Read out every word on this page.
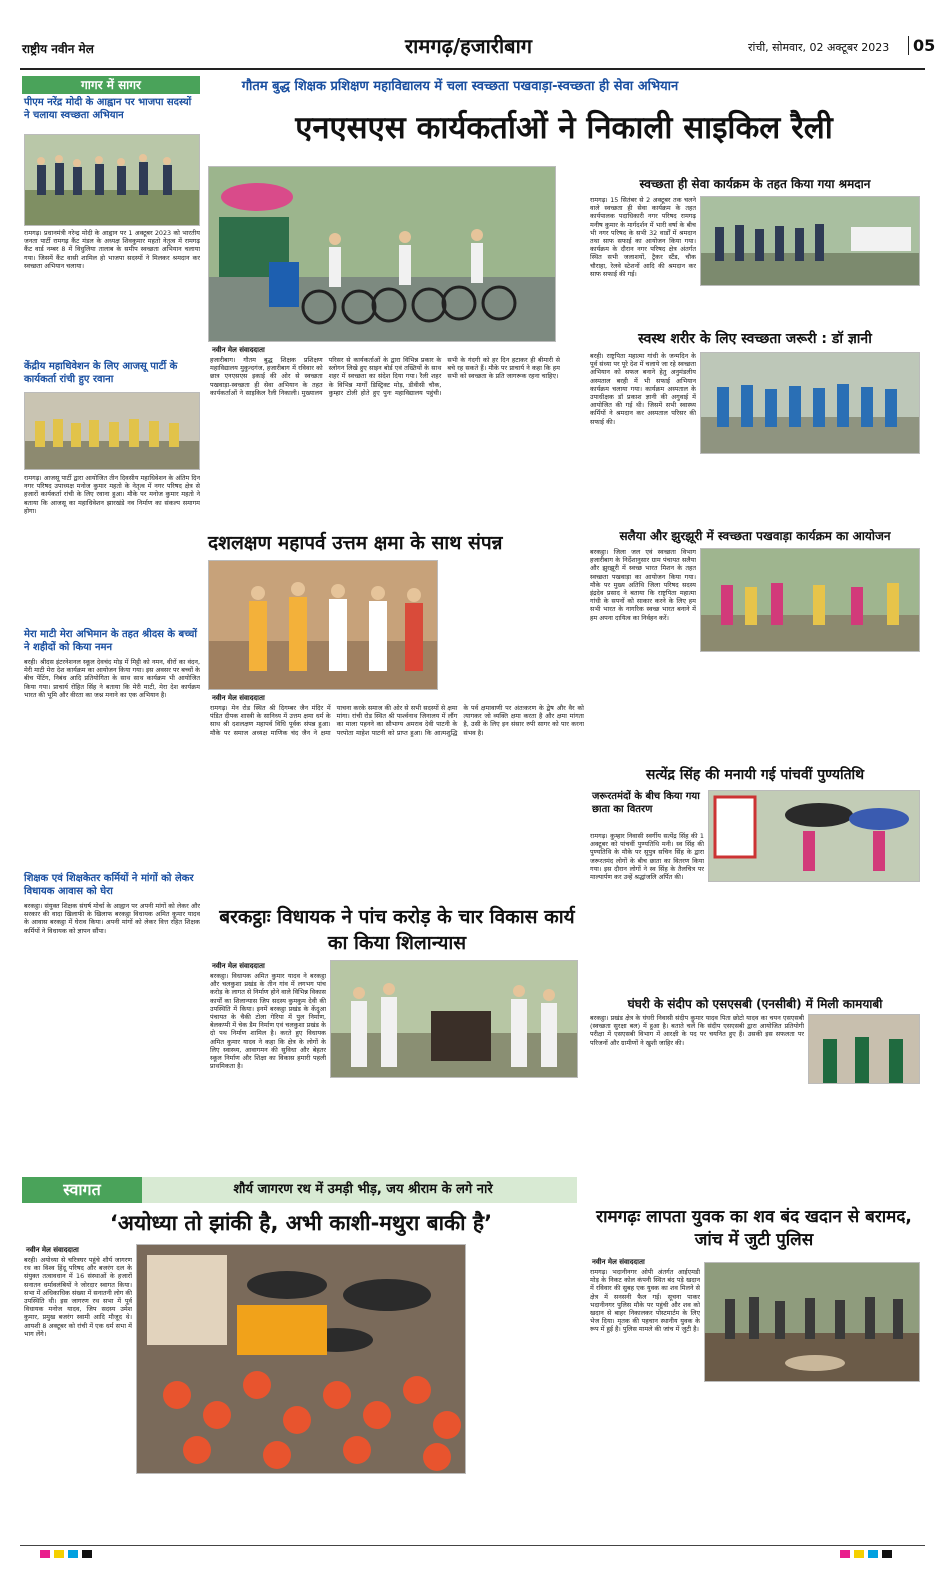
राष्ट्रीय नवीन मेल	रामगढ़/हजारीबाग	रांची, सोमवार, 02 अक्टूबर 2023	05
गागर में सागर
पीएम नरेंद्र मोदी के आह्वान पर भाजपा सदस्यों ने चलाया स्वच्छता अभियान
रामगढ़। प्रधानमंत्री नरेन्द्र मोदी के आह्वान पर 1 अक्टूबर 2023 को भारतीय जनता पार्टी रामगढ़ कैंट मंडल के अध्यक्ष शिवकुमार महतो नेतृत्व में रामगढ़ कैंट वार्ड नम्बर 8 में विधुलिया तालाब के समीप स्वच्छता अभियान चलाया गया। जिसमें कैंट वासी शामिल हो भाजपा सदस्यों ने मिलकर श्रमदान कर स्वच्छता अभियान चलाया।
केंद्रीय महाधिवेशन के लिए आजसू पार्टी के कार्यकर्ता रांची हुए रवाना
रामगढ़। आजसू पार्टी द्वारा आयोजित तीन दिवसीय महाधिवेशन के अंतिम दिन नगर परिषद उपाध्यक्ष मनोज कुमार महतो के नेतृत्व में नगर परिषद क्षेत्र से हजारों कार्यकर्ता रांची के लिए रवाना हुआ। मौके पर मनोज कुमार महतो ने बताया कि आजसू का महाधिवेशन झारखंडे नव निर्माण का संकल्प समागम होगा।
मेरा माटी मेरा अभिमान के तहत श्रीदस के बच्चों ने शहीदों को किया नमन
बरही। श्रीदस इंटरनेशनल स्कूल देवचंद मोड़ में मिट्टी को नमन, वीरों का वंदन, मेरी माटी मेरा देश कार्यक्रम का आयोजन किया गया। इस अवसर पर बच्चों के बीच पेंटिंग, निबंध आदि प्रतियोगिता के साथ साथ कार्यक्रम भी आयोजित किया गया। प्राचार्य रोहित सिंह ने बताया कि मेरी माटी, मेरा देश कार्यक्रम भारत की भूमि और वीरता का जश्न मनाने का एक अभियान है।
शिक्षक एवं शिक्षकेतर कर्मियों ने मांगों को लेकर विधायक आवास को घेरा
बरकट्ठा। संयुक्त शिक्षक संघर्ष मोर्चा के आह्वान पर अपनी मांगों को लेकर और सरकार की वादा खिलाफी के खिलाफ बरकट्ठा विधायक अमित कुमार यादव के आवास बरकट्ठा में घेराव किया। अपनी मांगों को लेकर वित्त रहित शिक्षक कर्मियों ने विधायक को ज्ञापन सौंपा।
गौतम बुद्ध शिक्षक प्रशिक्षण महाविद्यालय में चला स्वच्छता पखवाड़ा-स्वच्छता ही सेवा अभियान
एनएसएस कार्यकर्ताओं ने निकाली साइकिल रैली
नवीन मेल संवाददाता
हजारीबाग। गौतम बुद्ध शिक्षक प्रशिक्षण महाविद्यालय मुकुन्दगंज, हजारीबाग में रविवार को छात्र एनएसएस इकाई की ओर से स्वच्छता पखवाड़ा-स्वच्छता ही सेवा अभियान के तहत कार्यकर्ताओं ने साइकिल रैली निकाली। मुख्यालय परिसर से कार्यकर्ताओं के द्वारा विभिन्न प्रकार के स्लोगन लिखे हुए साइन बोर्ड एवं तख्तियों के साथ शहर में स्वच्छता का संदेश दिया गया। रैली शहर के विभिन्न मार्गों डिस्ट्रिक्ट मोड़, डीवीसी चौक, कुम्हार टोली होते हुए पुनः महाविद्यालय पहुंची। सभी के गंदगी को हर दिन हटाकर ही बीमारी से बचे रह सकते हैं। मौके पर प्राचार्य ने कहा कि हम सभी को स्वच्छता के प्रति जागरूक रहना चाहिए।
दशलक्षण महापर्व उत्तम क्षमा के साथ संपन्न
नवीन मेल संवाददाता
रामगढ़। मेन रोड स्थित श्री दिगम्बर जैन मंदिर में पंडित दीपक शास्त्री के सानिध्य में उत्तम क्षमा धर्म के साथ श्री दशलक्षण महापर्व विधि पूर्वक संपन्न हुआ। मौके पर समाज अध्यक्ष माणिक चंद जैन ने क्षमा याचना करके समाज की ओर से सभी सदस्यों से क्षमा मांगा। रांची रोड स्थित श्री पार्श्वनाथ जिनालय में लौंग का माला पहनने का सौभाग्य अमराव देवी पाटनी के परपोता माहेश पाटनी को प्राप्त हुआ। कि आत्मशुद्धि के पर्व क्षमावाणी पर अंतःकरण के द्वेष और वैर को त्यागकर जो व्यक्ति क्षमा करता है और क्षमा मांगता है, उसी के लिए इन संसार रुपी सागर को पार करना संभव है।
बरकट्ठाः विधायक ने पांच करोड़ के चार विकास कार्य का किया शिलान्यास
नवीन मेल संवाददाता
बरकट्ठा। विधायक अमित कुमार यादव ने बरकट्ठा और चलकुशा प्रखंड के तीन गांव में लगभग पांच करोड़ के लागत से निर्माण होने वाले विभिन्न विकास कार्यों का शिलान्यास जिप सदस्य कुमकुम देवी की उपस्थिति में किया। इनमें बरकट्ठा प्रखंड के केंदुआ पंचायत के चैकी टोला गेरिया में पुल निर्माण, बेलकप्पी में चेक डैम निर्माण एवं चलकुशा प्रखंड के दो पथ निर्माण शामिल है। करते हुए विधायक अमित कुमार यादव ने कहा कि क्षेत्र के लोगों के लिए स्वास्थ्य, आवागमन की सुविधा और बेहतर स्कूल निर्माण और शिक्षा का विकास हमारी पहली प्राथमिकता है।
स्वच्छता ही सेवा कार्यक्रम के तहत किया गया श्रमदान
रामगढ़। 15 सितंबर से 2 अक्टूबर तक चलने वाले स्वच्छता ही सेवा कार्यक्रम के तहत कार्यपालक पदाधिकारी नगर परिषद रामगढ़ मनीष कुमार के मार्गदर्शन में भारी वर्षा के बीच भी नगर परिषद के सभी 32 वार्डों में श्रमदान तथा साफ सफाई का आयोजन किया गया। कार्यक्रम के दौरान नगर परिषद क्षेत्र अंतर्गत स्थित सभी जलाशयों, ट्रैकर स्टैंड, चौक चौराहा, रेलवे स्टेशनों आदि की श्रमदान कर साफ सफाई की गई।
स्वस्थ शरीर के लिए स्वच्छता जरूरी : डॉ ज्ञानी
बरही। राष्ट्रपिता महात्मा गांधी के जन्मदिन के पूर्व संध्या पर पूरे देश में चलाये जा रहे स्वच्छता अभियान को सफल बनाने हेतु अनुमंडलीय अस्पताल बरही में भी सफाई अभियान कार्यक्रम चलाया गया। कार्यक्रम अस्पताल के उपाधीक्षक डॉ प्रकाश ज्ञानी की अगुवाई में आयोजित की गई थी। जिसमें सभी स्वास्थ्य कर्मियों ने श्रमदान कर अस्पताल परिसर की सफाई की।
सलैया और झुरझूरी में स्वच्छता पखवाड़ा कार्यक्रम का आयोजन
बरकट्ठा। जिला जल एवं स्वच्छता विभाग हजारीबाग के निर्देशानुसार ग्राम पंचायत सलैया और झुरझूरी में स्वच्छ भारत मिशन के तहत स्वच्छता पखवाड़ा का आयोजन किया गया। मौके पर मुख्य अतिथि जिला परिषद सदस्य इंद्रदेव प्रसाद ने बताया कि राष्ट्रपिता महात्मा गांधी के सपनों को साकार करने के लिए हम सभी भारत के नागरिक स्वच्छ भारत बनाने में हम अपना दायित्व का निर्वहन करें।
सत्येंद्र सिंह की मनायी गई पांचवीं पुण्यतिथि
जरूरतमंदों के बीच किया गया छाता का वितरण
रामगढ़। कुम्हार निवासी स्वर्गीय सत्येंद्र सिंह की 1 अक्टूबर को पांचवीं पुण्यतिथि मनी। स्व सिंह की पुण्यतिथि के मौके पर सुपुत्र सचिन सिंह के द्वारा जरूरतमंद लोगों के बीच छाता का वितरण किया गया। इस दौरान लोगों ने स्व सिंह के तैलचित्र पर माल्यार्पण कर उन्हें श्रद्धांजलि अर्पित की।
घंघरी के संदीप को एसएसबी (एनसीबी) में मिली कामयाबी
बरकट्ठा। प्रखंड क्षेत्र के घंघरी निवासी संदीप कुमार यादव पिता छोटो यादव का चयन एसएसबी (स्वच्छता सुरक्षा बल) में हुआ है। बताते चलें कि संदीप एसएसबी द्वारा आयोजित प्रतियोगी परीक्षा में एसएसबी विभाग में आरक्षी के पद पर चयनित हुए हैं। उसकी इस सफलता पर परिजनों और ग्रामीणों ने खुशी जाहिर की।
स्वागत	शौर्य जागरण रथ में उमड़ी भीड़, जय श्रीराम के लगे नारे
‘अयोध्या तो झांकी है, अभी काशी-मथुरा बाकी है’
नवीन मेल संवाददाता
बरही। अयोध्या से चरित्रघर पहुंचे शौर्य जागरण रथ का विश्व हिंदू परिषद और बजरंग दल के संयुक्त तत्वावधान में 16 संस्थाओं के हजारों सनातन धर्मावलंबियों ने जोरदार स्वागत किया। सभा में अधिकाधिक संख्या में सनातनी लोग की उपस्थिति थी। इस जागरण रथ सभा में पूर्व विधायक मनोज यादव, जिप सदस्य उमेश कुमार, प्रमुख बजरंग स्वामी आदि मौजूद थे। आयशी 8 अक्टूबर को रांची में एक धर्म सभा में भाग लेंगे।
रामगढ़ः लापता युवक का शव बंद खदान से बरामद, जांच में जुटी पुलिस
नवीन मेल संवाददाता
रामगढ़। भदानीनगर ओपी अंतर्गत आईएमडी मोड़ के निकट कोल कंपनी स्थित बंद पड़े खदान में रविवार की सुबह एक युवक का शव मिलने से क्षेत्र में सनसनी फैल गई। सूचना पाकर भदानीनगर पुलिस मौके पर पहुंची और शव को खदान से बाहर निकालकर पोस्टमार्टम के लिए भेज दिया। मृतक की पहचान स्थानीय युवक के रूप में हुई है। पुलिस मामले की जांच में जुटी है।
